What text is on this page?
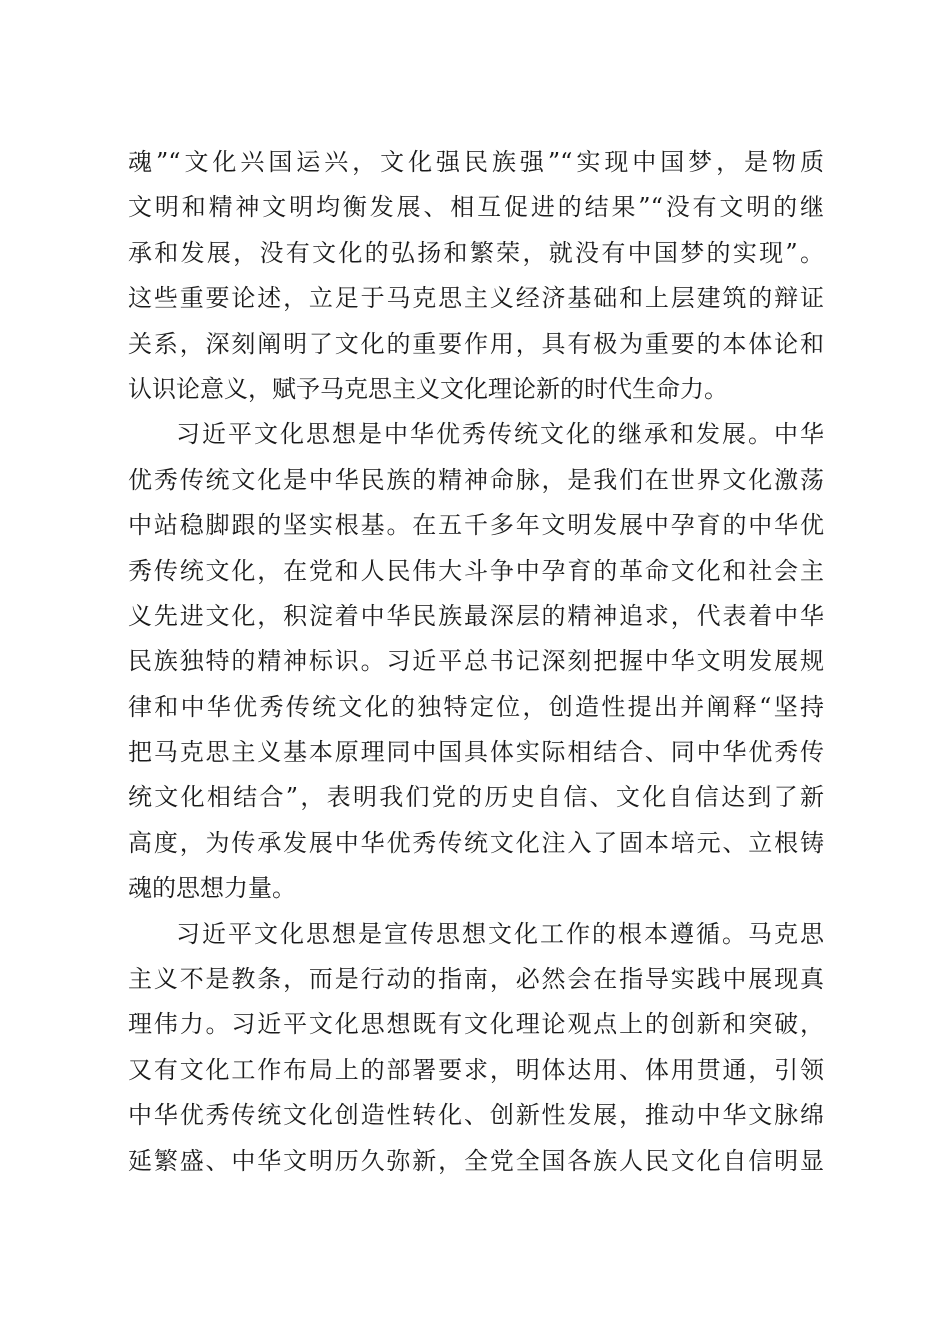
魂”“文化兴国运兴，文化强民族强”“实现中国梦，是物质
文明和精神文明均衡发展、相互促进的结果”“没有文明的继
承和发展，没有文化的弘扬和繁荣，就没有中国梦的实现”。
这些重要论述，立足于马克思主义经济基础和上层建筑的辩证
关系，深刻阐明了文化的重要作用，具有极为重要的本体论和
认识论意义，赋予马克思主义文化理论新的时代生命力。
习近平文化思想是中华优秀传统文化的继承和发展。中华
优秀传统文化是中华民族的精神命脉，是我们在世界文化激荡
中站稳脚跟的坚实根基。在五千多年文明发展中孕育的中华优
秀传统文化，在党和人民伟大斗争中孕育的革命文化和社会主
义先进文化，积淀着中华民族最深层的精神追求，代表着中华
民族独特的精神标识。习近平总书记深刻把握中华文明发展规
律和中华优秀传统文化的独特定位，创造性提出并阐释“坚持
把马克思主义基本原理同中国具体实际相结合、同中华优秀传
统文化相结合”，表明我们党的历史自信、文化自信达到了新
高度，为传承发展中华优秀传统文化注入了固本培元、立根铸
魂的思想力量。
习近平文化思想是宣传思想文化工作的根本遵循。马克思
主义不是教条，而是行动的指南，必然会在指导实践中展现真
理伟力。习近平文化思想既有文化理论观点上的创新和突破，
又有文化工作布局上的部署要求，明体达用、体用贯通，引领
中华优秀传统文化创造性转化、创新性发展，推动中华文脉绵
延繁盛、中华文明历久弥新，全党全国各族人民文化自信明显
